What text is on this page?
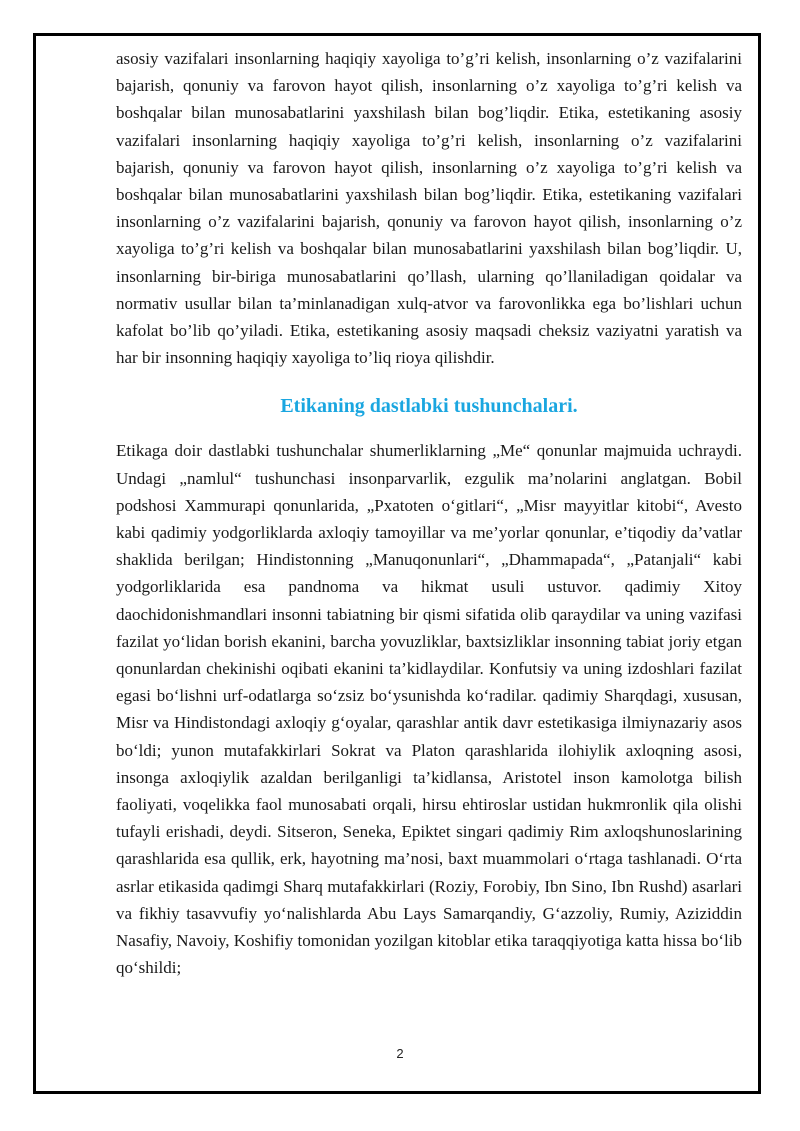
asosiy vazifalari insonlarning haqiqiy xayoliga to’g’ri kelish, insonlarning o’z vazifalarini bajarish, qonuniy va farovon hayot qilish, insonlarning o’z xayoliga to’g’ri kelish va boshqalar bilan munosabatlarini yaxshilash bilan bog’liqdir. Etika, estetikaning asosiy vazifalari insonlarning haqiqiy xayoliga to’g’ri kelish, insonlarning o’z vazifalarini bajarish, qonuniy va farovon hayot qilish, insonlarning o’z xayoliga to’g’ri kelish va boshqalar bilan munosabatlarini yaxshilash bilan bog’liqdir. Etika, estetikaning vazifalari insonlarning o’z vazifalarini bajarish, qonuniy va farovon hayot qilish, insonlarning o’z xayoliga to’g’ri kelish va boshqalar bilan munosabatlarini yaxshilash bilan bog’liqdir. U, insonlarning bir-biriga munosabatlarini qo’llash, ularning qo’llaniladigan qoidalar va normativ usullar bilan ta’minlanadigan xulq-atvor va farovonlikka ega bo’lishlari uchun kafolat bo’lib qo’yiladi. Etika, estetikaning asosiy maqsadi cheksiz vaziyatni yaratish va har bir insonning haqiqiy xayoliga to’liq rioya qilishdir.

Etikaning dastlabki tushunchalari.

Etikaga doir dastlabki tushunchalar shumerliklarning „Me“ qonunlar majmuida uchraydi. Undagi „namlul“ tushunchasi insonparvarlik, ezgulik ma’nolarini anglatgan. Bobil podshosi Xammurapi qonunlarida, „Pxatoten o‘gitlari“, „Misr mayyitlar kitobi“, Avesto kabi qadimiy yodgorliklarda axloqiy tamoyillar va me’yorlar qonunlar, e’tiqodiy da’vatlar shaklida berilgan; Hindistonning „Manuqonunlari“, „Dhammapada“, „Patanjali“ kabi yodgorliklarida esa pandnoma va hikmat usuli ustuvor. qadimiy Xitoy daochidonishmandlari insonni tabiatning bir qismi sifatida olib qaraydilar va uning vazifasi fazilat yo‘lidan borish ekanini, barcha yovuzliklar, baxtsizliklar insonning tabiat joriy etgan qonunlardan chekinishi oqibati ekanini ta’kidlaydilar. Konfutsiy va uning izdoshlari fazilat egasi bo‘lishni urf-odatlarga so‘zsiz bo‘ysunishda ko‘radilar. qadimiy Sharqdagi, xususan, Misr va Hindistondagi axloqiy g‘oyalar, qarashlar antik davr estetikasiga ilmiynazariy asos bo‘ldi; yunon mutafakkirlari Sokrat va Platon qarashlarida ilohiylik axloqning asosi, insonga axloqiylik azaldan berilganligi ta’kidlansa, Aristotel inson kamolotga bilish faoliyati, voqelikka faol munosabati orqali, hirsu ehtiroslar ustidan hukmronlik qila olishi tufayli erishadi, deydi. Sitseron, Seneka, Epiktet singari qadimiy Rim axloqshunoslarining qarashlarida esa qullik, erk, hayotning ma’nosi, baxt muammolari o‘rtaga tashlanadi. O‘rta asrlar etikasida qadimgi Sharq mutafakkirlari (Roziy, Forobiy, Ibn Sino, Ibn Rushd) asarlari va fikhiy tasavvufiy yo‘nalishlarda Abu Lays Samarqandiy, G‘azzoliy, Rumiy, Aziziddin Nasafiy, Navoiy, Koshifiy tomonidan yozilgan kitoblar etika taraqqiyotiga katta hissa bo‘lib qo‘shildi;

2
